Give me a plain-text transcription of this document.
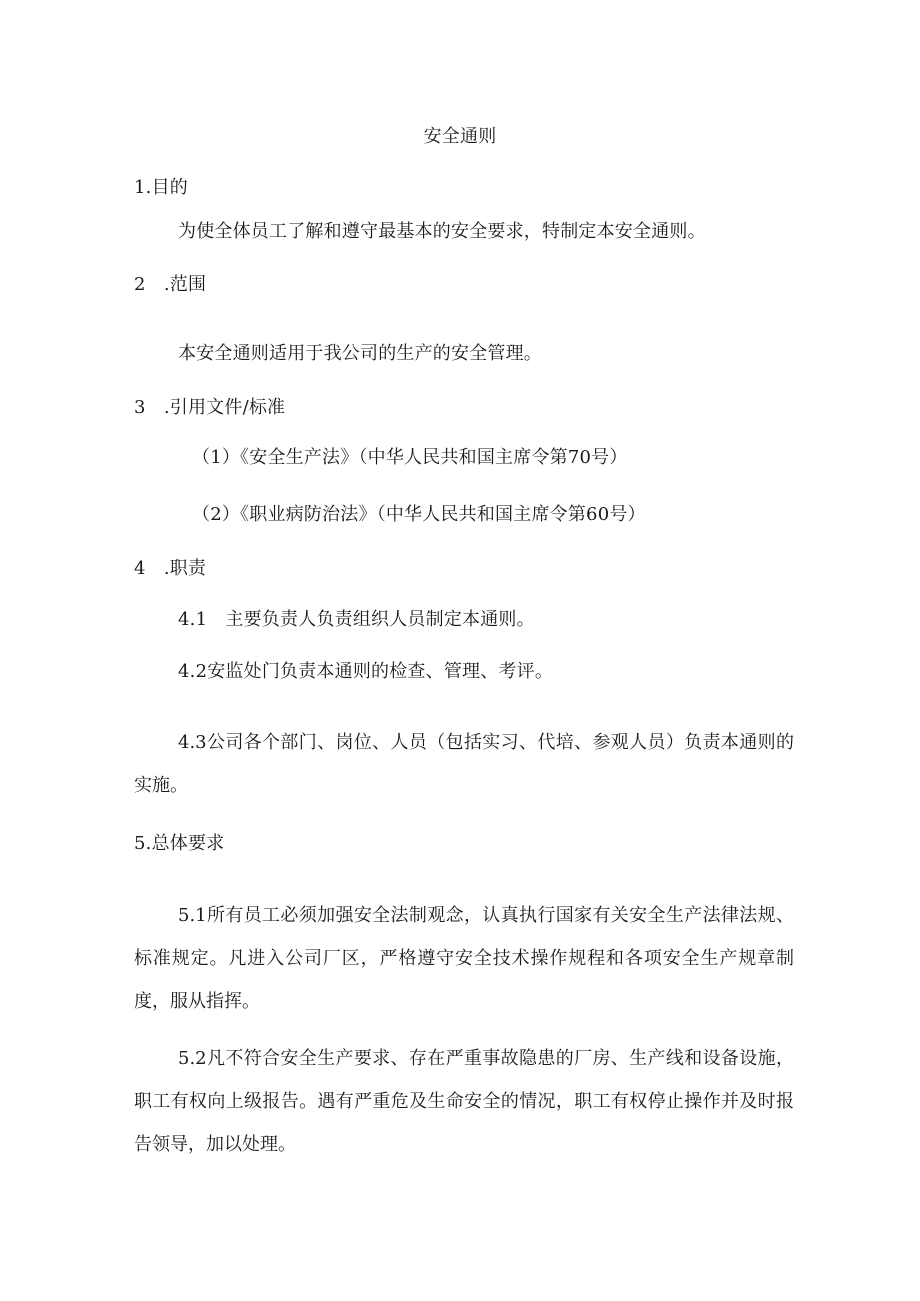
安全通则
1.目的
为使全体员工了解和遵守最基本的安全要求，特制定本安全通则。
2　.范围
本安全通则适用于我公司的生产的安全管理。
3　.引用文件/标准
（1）《安全生产法》（中华人民共和国主席令第70号）
（2）《职业病防治法》（中华人民共和国主席令第60号）
4　.职责
4.1　主要负责人负责组织人员制定本通则。
4.2安监处门负责本通则的检查、管理、考评。
4.3公司各个部门、岗位、人员（包括实习、代培、参观人员）负责本通则的实施。
5.总体要求
5.1所有员工必须加强安全法制观念，认真执行国家有关安全生产法律法规、标准规定。凡进入公司厂区，严格遵守安全技术操作规程和各项安全生产规章制度，服从指挥。
5.2凡不符合安全生产要求、存在严重事故隐患的厂房、生产线和设备设施，职工有权向上级报告。遇有严重危及生命安全的情况，职工有权停止操作并及时报告领导，加以处理。
